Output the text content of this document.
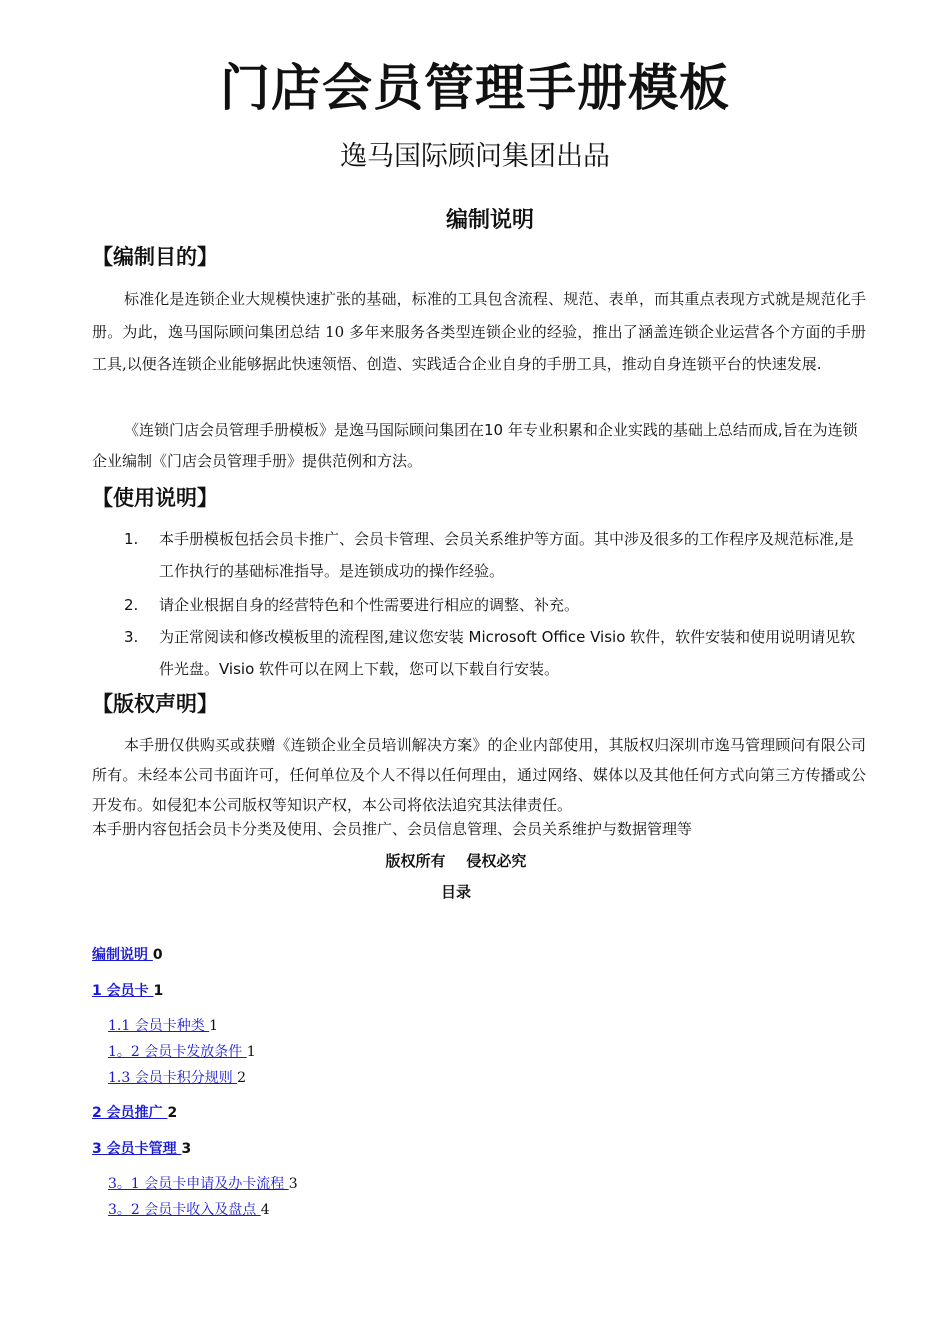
门店会员管理手册模板
逸马国际顾问集团出品
编制说明
【编制目的】

标准化是连锁企业大规模快速扩张的基础，标准的工具包含流程、规范、表单，而其重点表现方式就是规范化手册。为此，逸马国际顾问集团总结 10 多年来服务各类型连锁企业的经验，推出了涵盖连锁企业运营各个方面的手册工具,以便各连锁企业能够据此快速领悟、创造、实践适合企业自身的手册工具，推动自身连锁平台的快速发展.

《连锁门店会员管理手册模板》是逸马国际顾问集团在10 年专业积累和企业实践的基础上总结而成,旨在为连锁企业编制《门店会员管理手册》提供范例和方法。

【使用说明】
1. 本手册模板包括会员卡推广、会员卡管理、会员关系维护等方面。其中涉及很多的工作程序及规范标准,是工作执行的基础标准指导。是连锁成功的操作经验。
2. 请企业根据自身的经营特色和个性需要进行相应的调整、补充。
3. 为正常阅读和修改模板里的流程图,建议您安装 Microsoft Office Visio 软件，软件安装和使用说明请见软件光盘。Visio 软件可以在网上下载，您可以下载自行安装。
【版权声明】

本手册仅供购买或获赠《连锁企业全员培训解决方案》的企业内部使用，其版权归深圳市逸马管理顾问有限公司所有。未经本公司书面许可，任何单位及个人不得以任何理由，通过网络、媒体以及其他任何方式向第三方传播或公开发布。如侵犯本公司版权等知识产权，本公司将依法追究其法律责任。

本手册内容包括会员卡分类及使用、会员推广、会员信息管理、会员关系维护与数据管理等
版权所有    侵权必究
目录
编制说明 0
1 会员卡 1
1.1 会员卡种类 1
1。2 会员卡发放条件 1
1.3 会员卡积分规则 2
2 会员推广 2
3 会员卡管理 3
3。1 会员卡申请及办卡流程 3
3。2 会员卡收入及盘点 4
